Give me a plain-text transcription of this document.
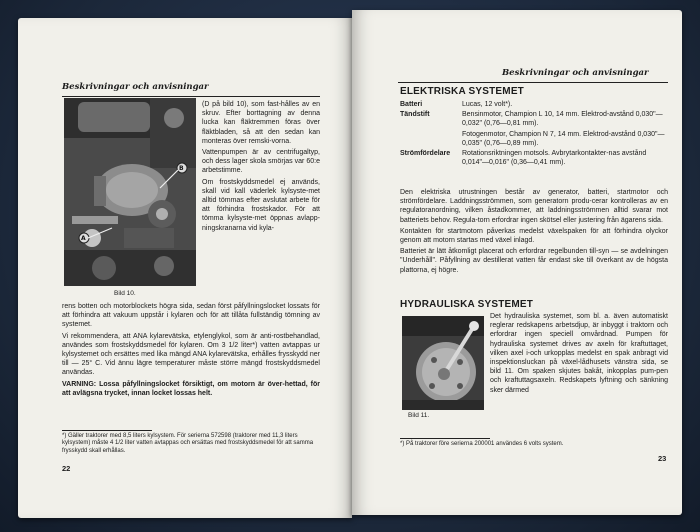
Beskrivningar och anvisningar
A
B
Bild 10.

(D på bild 10), som fast-hålles av en skruv. Efter borttagning av denna lucka kan fläktremmen föras över fläktbladen, så att den sedan kan monteras över remski-vorna.

Vattenpumpen är av centrifugaltyp, och dess lager skola smörjas var 60:e arbetstimme.

Om frostskyddsmedel ej används, skall vid kall väderlek kylsyste-met alltid tömmas efter avslutat arbete för att förhindra frostskador. För att tömma kylsyste-met öppnas avlapp-ningskranarna vid kyla-

rens botten och motorblockets högra sida, sedan först påfyllningslocket lossats för att förhindra att vakuum uppstår i kylaren och för att tillåta fullständig tömning av systemet.

Vi rekommendera, att ANA kylarevätska, etylenglykol, som är anti-rostbehandlad, användes som frostskyddsmedel för kylaren. Om 3 1/2 liter*) vatten avtappas ur kylsystemet och ersättes med lika mängd ANA kylarevätska, erhålles frysskydd ner till — 25° C. Vid ännu lägre temperaturer måste större mängd frostskyddsmedel användas.

VARNING: Lossa påfyllningslocket försiktigt, om motorn är över-hettad, för att avlägsna trycket, innan locket lossas helt.

*) Gäller traktorer med 8,5 liters kylsystem. För serierna 572598 (traktorer med 11,3 liters kylsystem) måste 4 1/2 liter vatten avtappas och ersättas med frostskyddsmedel för att samma frysskydd skall erhållas.
22
Beskrivningar och anvisningar
ELEKTRISKA SYSTEMET
Batteri	Lucas, 12 volt*).
Tändstift	Bensinmotor, Champion L 10, 14 mm. Elektrod-avstånd 0,030"—0,032" (0,76—0,81 mm).
Fotogenmotor, Champion N 7, 14 mm. Elektrod-avstånd 0,030"—0,035" (0,76—0,89 mm).
Strömfördelare	Rotationsriktningen motsols. Avbrytarkontakter-nas avstånd 0,014"—0,016" (0,36—0,41 mm).

Den elektriska utrustningen består av generator, batteri, startmotor och strömfördelare. Laddningsströmmen, som generatorn produ-cerar kontrolleras av en regulatoranordning, vilken åstadkommer, att laddningsströmmen alltid svarar mot batteriets behov. Regula-torn erfordrar ingen skötsel eller justering från ägarens sida.

Kontakten för startmotorn påverkas medelst växelspaken för att förhindra olyckor genom att motorn startas med växel inlagd.

Batteriet är lätt åtkomligt placerat och erfordrar regelbunden till-syn — se avdelningen "Underhåll". Påfyllning av destillerat vatten får endast ske till överkant av de högsta plattorna, ej högre.

HYDRAULISKA SYSTEMET
Bild 11.

Det hydrauliska systemet, som bl. a. även automatiskt reglerar redskapens arbetsdjup, är inbyggt i traktorn och erfordrar ingen speciell omvårdnad. Pumpen för hydrauliska systemet drives av axeln för kraftuttaget, vilken axel i-och urkopplas medelst en spak anbragt vid inspektionsluckan på växel-lådhusets vänstra sida, se bild 11. Om spaken skjutes bakåt, inkopplas pum-pen och kraftuttagsaxeln. Redskapets lyftning och sänkning sker därmed

*) På traktorer före serierna 200001 användes 6 volts system.
23
